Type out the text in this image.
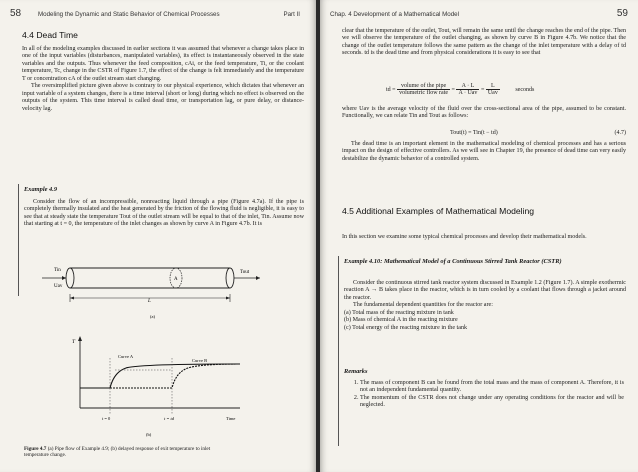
58	Modeling the Dynamic and Static Behavior of Chemical Processes	Part II
4.4 Dead Time

In all of the modeling examples discussed in earlier sections it was assumed that whenever a change takes place in one of the input variables (disturbances, manipulated variables), its effect is instantaneously observed in the state variables and the outputs. Thus whenever the feed composition, cAi, or the feed temperature, Ti, or the coolant temperature, Tc, change in the CSTR of Figure 1.7, the effect of the change is felt immediately and the temperature T or concentration cA of the outlet stream start changing.

The oversimplified picture given above is contrary to our physical experience, which dictates that whenever an input variable of a system changes, there is a time interval (short or long) during which no effect is observed on the outputs of the system. This time interval is called dead time, or transportation lag, or pure delay, or distance-velocity lag.

Example 4.9

Consider the flow of an incompressible, nonreacting liquid through a pipe (Figure 4.7a). If the pipe is completely thermally insulated and the heat generated by the friction of the flowing fluid is negligible, it is easy to see that at steady state the temperature Tout of the outlet stream will be equal to that of the inlet, Tin. Assume now that starting at t = 0, the temperature of the inlet changes as shown by curve A in Figure 4.7b. It is

Tin
Uav
A
Tout
L
(a)
T
Curve A
Curve B
t = 0	t = td	Time
(b)
Figure 4.7 (a) Pipe flow of Example 4.9; (b) delayed response of exit temperature to inlet temperature change.
Chap. 4 Development of a Mathematical Model	59

clear that the temperature of the outlet, Tout, will remain the same until the change reaches the end of the pipe. Then we will observe the temperature of the outlet changing, as shown by curve B in Figure 4.7b. We notice that the change of the outlet temperature follows the same pattern as the change of the inlet temperature with a delay of td seconds. td is the dead time and from physical considerations it is easy to see that

td = $\frac{\text{volume of the pipe}}{\text{volumetric flow rate}} = \frac{A \cdot L}{\text{A · Uav}} = \frac{L}{\text{Uav}}$	seconds

where Uav is the average velocity of the fluid over the cross-sectional area of the pipe, assumed to be constant. Functionally, we can relate Tin and Tout as follows:

Tout(t) = Tin(t − td)	(4.7)

The dead time is an important element in the mathematical modeling of chemical processes and has a serious impact on the design of effective controllers. As we will see in Chapter 19, the presence of dead time can very easily destabilize the dynamic behavior of a controlled system.

4.5 Additional Examples of Mathematical Modeling

In this section we examine some typical chemical processes and develop their mathematical models.

Example 4.10: Mathematical Model of a Continuous Stirred Tank Reactor (CSTR)

Consider the continuous stirred tank reactor system discussed in Example 1.2 (Figure 1.7). A simple exothermic reaction A → B takes place in the reactor, which is in turn cooled by a coolant that flows through a jacket around the reactor.

The fundamental dependent quantities for the reactor are:

(a) Total mass of the reacting mixture in tank

(b) Mass of chemical A in the reacting mixture

(c) Total energy of the reacting mixture in the tank

Remarks
1. The mass of component B can be found from the total mass and the mass of component A. Therefore, it is not an independent fundamental quantity.
2. The momentum of the CSTR does not change under any operating conditions for the reactor and will be neglected.
